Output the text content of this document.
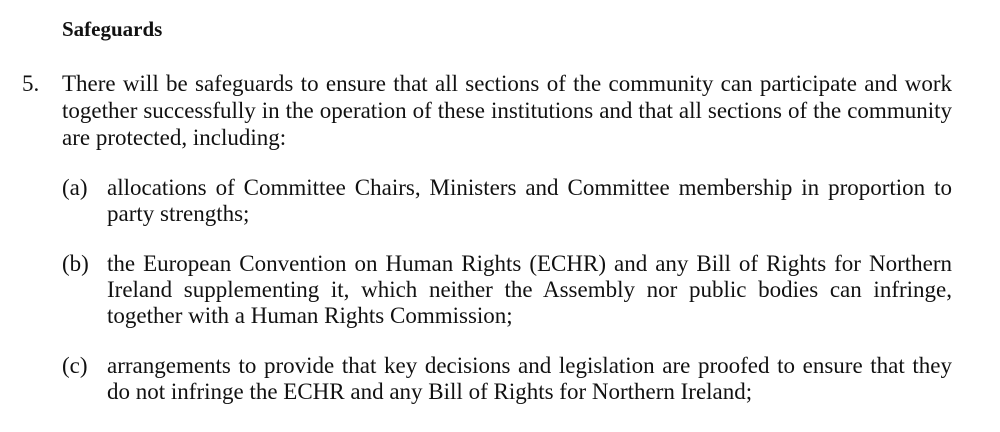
Safeguards
5. There will be safeguards to ensure that all sections of the community can participate and work together successfully in the operation of these institutions and that all sections of the community are protected, including:
(a) allocations of Committee Chairs, Ministers and Committee membership in proportion to party strengths;
(b) the European Convention on Human Rights (ECHR) and any Bill of Rights for Northern Ireland supplementing it, which neither the Assembly nor public bodies can infringe, together with a Human Rights Commission;
(c) arrangements to provide that key decisions and legislation are proofed to ensure that they do not infringe the ECHR and any Bill of Rights for Northern Ireland;
